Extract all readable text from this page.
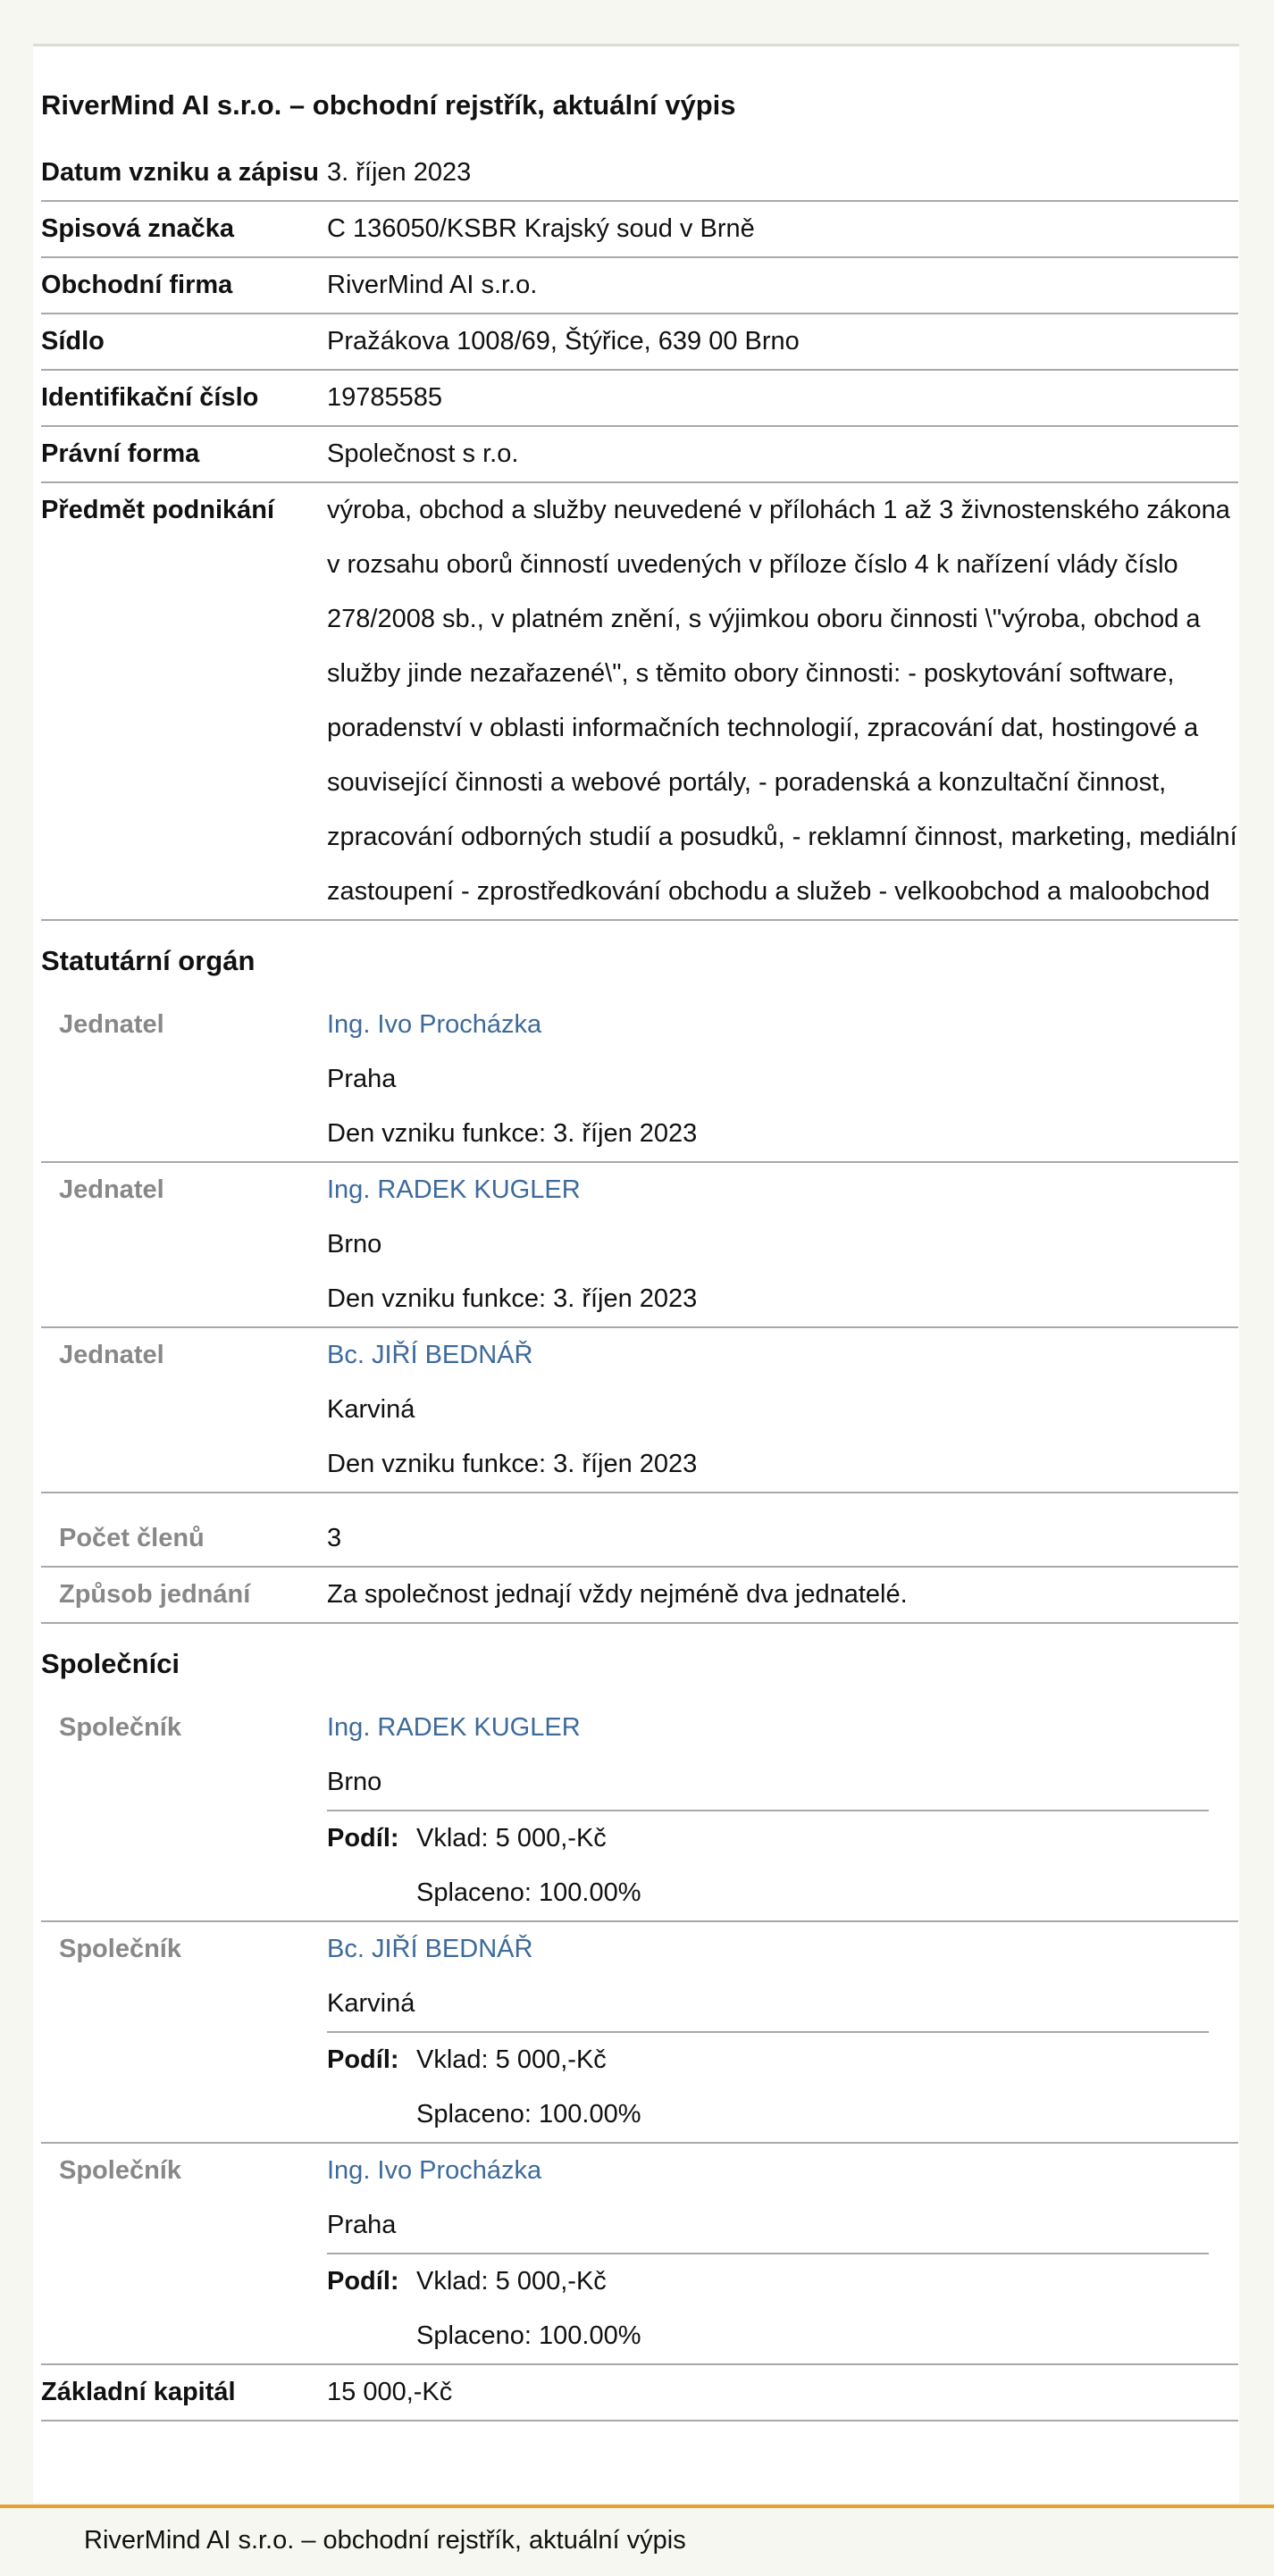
RiverMind AI s.r.o. – obchodní rejstřík, aktuální výpis
Datum vzniku a zápisu 3. říjen 2023
Spisová značka	C 136050/KSBR Krajský soud v Brně
Obchodní firma	RiverMind AI s.r.o.
Sídlo	Pražákova 1008/69, Štýřice, 639 00 Brno
Identifikační číslo	19785585
Právní forma	Společnost s r.o.
Předmět podnikání	výroba, obchod a služby neuvedené v přílohách 1 až 3 živnostenského zákona v rozsahu oborů činností uvedených v příloze číslo 4 k nařízení vlády číslo 278/2008 sb., v platném znění, s výjimkou oboru činnosti \"výroba, obchod a služby jinde nezařazené\", s těmito obory činnosti: - poskytování software, poradenství v oblasti informačních technologií, zpracování dat, hostingové a související činnosti a webové portály, - poradenská a konzultační činnost, zpracování odborných studií a posudků, - reklamní činnost, marketing, mediální zastoupení - zprostředkování obchodu a služeb - velkoobchod a maloobchod
Statutární orgán
Jednatel	Ing. Ivo Procházka
Praha
Den vzniku funkce: 3. říjen 2023
Jednatel	Ing. RADEK KUGLER
Brno
Den vzniku funkce: 3. říjen 2023
Jednatel	Bc. JIŘÍ BEDNÁŘ
Karviná
Den vzniku funkce: 3. říjen 2023
Počet členů	3
Způsob jednání	Za společnost jednají vždy nejméně dva jednatelé.
Společníci
Společník	Ing. RADEK KUGLER
Brno
Podíl: Vklad: 5 000,-Kč
Splaceno: 100.00%
Společník	Bc. JIŘÍ BEDNÁŘ
Karviná
Podíl: Vklad: 5 000,-Kč
Splaceno: 100.00%
Společník	Ing. Ivo Procházka
Praha
Podíl: Vklad: 5 000,-Kč
Splaceno: 100.00%
Základní kapitál	15 000,-Kč
RiverMind AI s.r.o. – obchodní rejstřík, aktuální výpis
